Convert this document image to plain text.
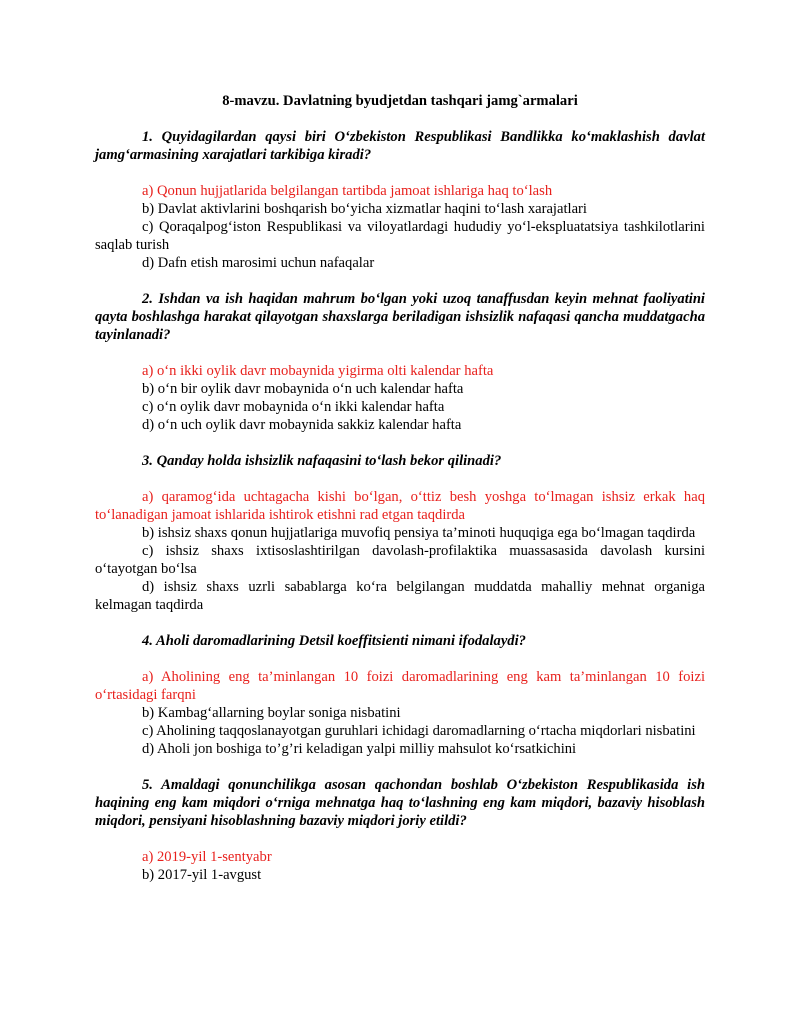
8-mavzu. Davlatning byudjetdan tashqari jamg`armalari

1. Quyidagilardan qaysi biri O‘zbekiston Respublikasi Bandlikka ko‘maklashish davlat jamg‘armasining xarajatlari tarkibiga kiradi?

a) Qonun hujjatlarida belgilangan tartibda jamoat ishlariga haq to‘lash

b) Davlat aktivlarini boshqarish bo‘yicha xizmatlar haqini to‘lash xarajatlari

c) Qoraqalpog‘iston Respublikasi va viloyatlardagi hududiy yo‘l-ekspluatatsiya tashkilotlarini saqlab turish

d) Dafn etish marosimi uchun nafaqalar

2. Ishdan va ish haqidan mahrum bo‘lgan yoki uzoq tanaffusdan keyin mehnat faoliyatini qayta boshlashga harakat qilayotgan shaxslarga beriladigan ishsizlik nafaqasi qancha muddatgacha tayinlanadi?

a) o‘n ikki oylik davr mobaynida yigirma olti kalendar hafta

b) o‘n bir oylik davr mobaynida o‘n uch kalendar hafta

c) o‘n oylik davr mobaynida o‘n ikki kalendar hafta

d) o‘n uch oylik davr mobaynida sakkiz kalendar hafta

3. Qanday holda ishsizlik nafaqasini to‘lash bekor qilinadi?

a) qaramog‘ida uchtagacha kishi bo‘lgan, o‘ttiz besh yoshga to‘lmagan ishsiz erkak haq to‘lanadigan jamoat ishlarida ishtirok etishni rad etgan taqdirda

b) ishsiz shaxs qonun hujjatlariga muvofiq pensiya ta’minoti huquqiga ega bo‘lmagan taqdirda

c) ishsiz shaxs ixtisoslashtirilgan davolash-profilaktika muassasasida davolash kursini o‘tayotgan bo‘lsa

d) ishsiz shaxs uzrli sabablarga ko‘ra belgilangan muddatda mahalliy mehnat organiga kelmagan taqdirda

4. Aholi daromadlarining Detsil koeffitsienti nimani ifodalaydi?

a) Aholining eng ta’minlangan 10 foizi daromadlarining eng kam ta’minlangan 10 foizi o‘rtasidagi farqni

b) Kambag‘allarning boylar soniga nisbatini

c) Aholining taqqoslanayotgan guruhlari ichidagi daromadlarning o‘rtacha miqdorlari nisbatini

d) Aholi jon boshiga to’g’ri keladigan yalpi milliy mahsulot ko‘rsatkichini

5. Amaldagi qonunchilikga asosan qachondan boshlab O‘zbekiston Respublikasida ish haqining eng kam miqdori o‘rniga mehnatga haq to‘lashning eng kam miqdori, bazaviy hisoblash miqdori, pensiyani hisoblashning bazaviy miqdori joriy etildi?

a) 2019-yil 1-sentyabr

b) 2017-yil 1-avgust
